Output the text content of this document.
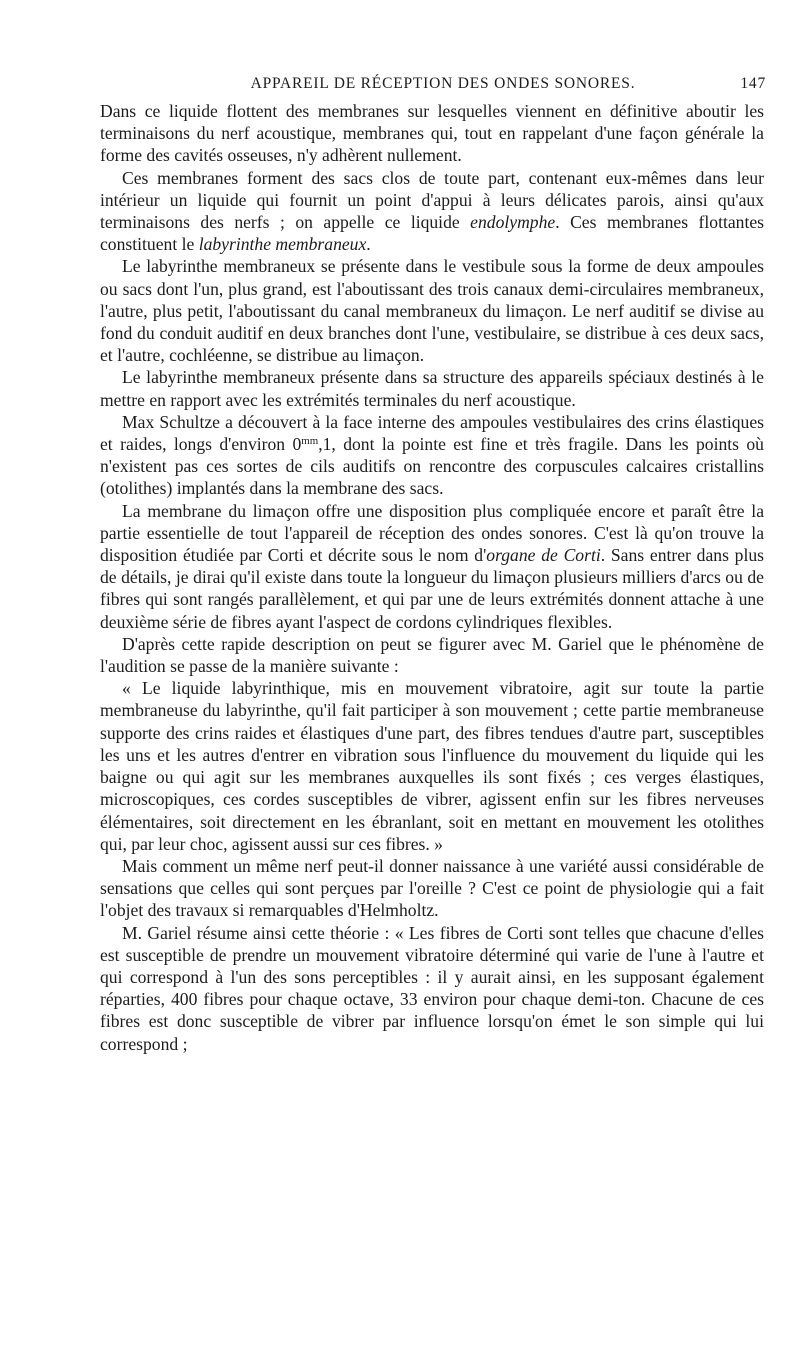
APPAREIL DE RÉCEPTION DES ONDES SONORES.	147

Dans ce liquide flottent des membranes sur lesquelles viennent en définitive aboutir les terminaisons du nerf acoustique, membranes qui, tout en rappelant d'une façon générale la forme des cavités osseuses, n'y adhèrent nullement.

Ces membranes forment des sacs clos de toute part, contenant eux-mêmes dans leur intérieur un liquide qui fournit un point d'appui à leurs délicates parois, ainsi qu'aux terminaisons des nerfs ; on appelle ce liquide endolymphe. Ces membranes flottantes constituent le labyrinthe membraneux.

Le labyrinthe membraneux se présente dans le vestibule sous la forme de deux ampoules ou sacs dont l'un, plus grand, est l'aboutissant des trois canaux demi-circulaires membraneux, l'autre, plus petit, l'aboutissant du canal membraneux du limaçon. Le nerf auditif se divise au fond du conduit auditif en deux branches dont l'une, vestibulaire, se distribue à ces deux sacs, et l'autre, cochléenne, se distribue au limaçon.

Le labyrinthe membraneux présente dans sa structure des appareils spéciaux destinés à le mettre en rapport avec les extrémités terminales du nerf acoustique.

Max Schultze a découvert à la face interne des ampoules vestibulaires des crins élastiques et raides, longs d'environ $0^{mm},1$, dont la pointe est fine et très fragile. Dans les points où n'existent pas ces sortes de cils auditifs on rencontre des corpuscules calcaires cristallins (otolithes) implantés dans la membrane des sacs.

La membrane du limaçon offre une disposition plus compliquée encore et paraît être la partie essentielle de tout l'appareil de réception des ondes sonores. C'est là qu'on trouve la disposition étudiée par Corti et décrite sous le nom d'organe de Corti. Sans entrer dans plus de détails, je dirai qu'il existe dans toute la longueur du limaçon plusieurs milliers d'arcs ou de fibres qui sont rangés parallèlement, et qui par une de leurs extrémités donnent attache à une deuxième série de fibres ayant l'aspect de cordons cylindriques flexibles.

D'après cette rapide description on peut se figurer avec M. Gariel que le phénomène de l'audition se passe de la manière suivante :

« Le liquide labyrinthique, mis en mouvement vibratoire, agit sur toute la partie membraneuse du labyrinthe, qu'il fait participer à son mouvement ; cette partie membraneuse supporte des crins raides et élastiques d'une part, des fibres tendues d'autre part, susceptibles les uns et les autres d'entrer en vibration sous l'influence du mouvement du liquide qui les baigne ou qui agit sur les membranes auxquelles ils sont fixés ; ces verges élastiques, microscopiques, ces cordes susceptibles de vibrer, agissent enfin sur les fibres nerveuses élémentaires, soit directement en les ébranlant, soit en mettant en mouvement les otolithes qui, par leur choc, agissent aussi sur ces fibres. »

Mais comment un même nerf peut-il donner naissance à une variété aussi considérable de sensations que celles qui sont perçues par l'oreille ? C'est ce point de physiologie qui a fait l'objet des travaux si remarquables d'Helmholtz.

M. Gariel résume ainsi cette théorie : « Les fibres de Corti sont telles que chacune d'elles est susceptible de prendre un mouvement vibratoire déterminé qui varie de l'une à l'autre et qui correspond à l'un des sons perceptibles : il y aurait ainsi, en les supposant également réparties, 400 fibres pour chaque octave, 33 environ pour chaque demi-ton. Chacune de ces fibres est donc susceptible de vibrer par influence lorsqu'on émet le son simple qui lui correspond ;
